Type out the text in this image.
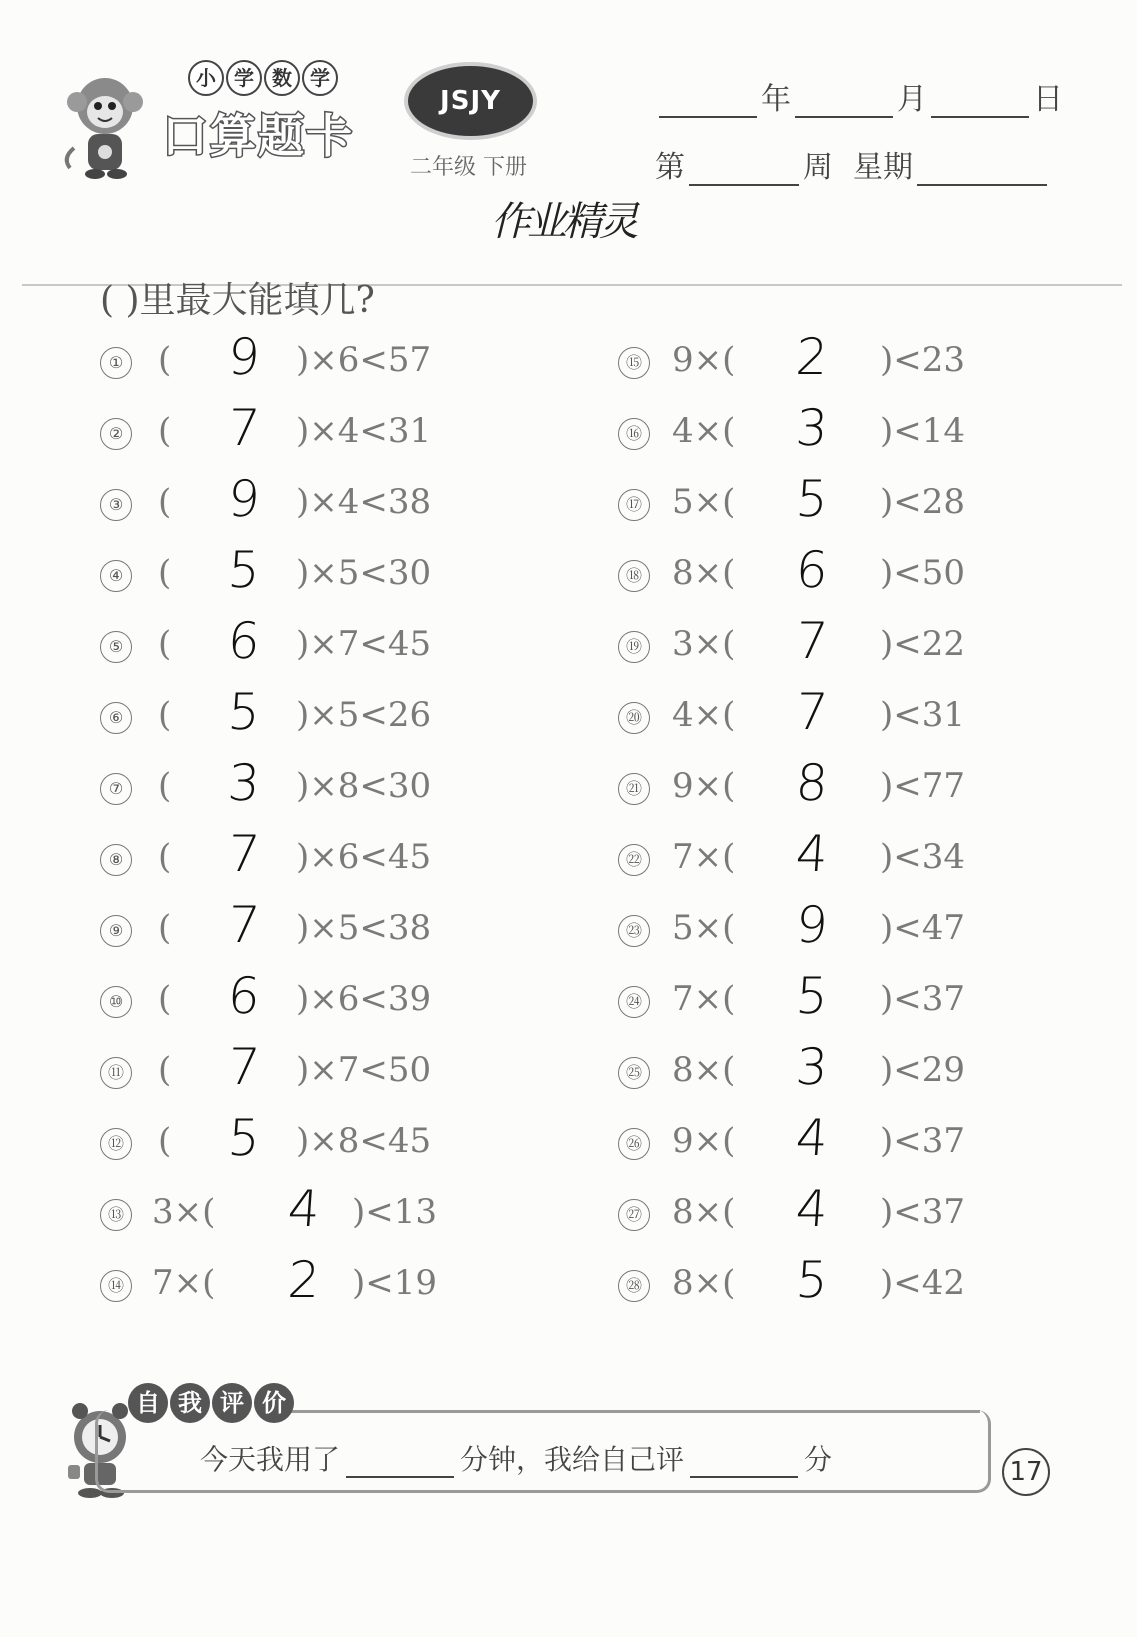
小 学 数 学
口算题卡
JSJY
二年级 下册
作业精灵
年	月	日
第	周 星期
( )里最大能填几?
① ( 9 )×6<57
② ( 7 )×4<31
③ ( 9 )×4<38
④ ( 5 )×5<30
⑤ ( 6 )×7<45
⑥ ( 5 )×5<26
⑦ ( 3 )×8<30
⑧ ( 7 )×6<45
⑨ ( 7 )×5<38
⑩ ( 6 )×6<39
⑪ ( 7 )×7<50
⑫ ( 5 )×8<45
⑬ 3×( 4 )<13
⑭ 7×( 2 )<19
⑮ 9×( 2 )<23
⑯ 4×( 3 )<14
⑰ 5×( 5 )<28
⑱ 8×( 6 )<50
⑲ 3×( 7 )<22
⑳ 4×( 7 )<31
㉑ 9×( 8 )<77
㉒ 7×( 4 )<34
㉓ 5×( 9 )<47
㉔ 7×( 5 )<37
㉕ 8×( 3 )<29
㉖ 9×( 4 )<37
㉗ 8×( 4 )<37
㉘ 8×( 5 )<42
自 我 评 价
今天我用了	分钟，我给自己评	分	17
